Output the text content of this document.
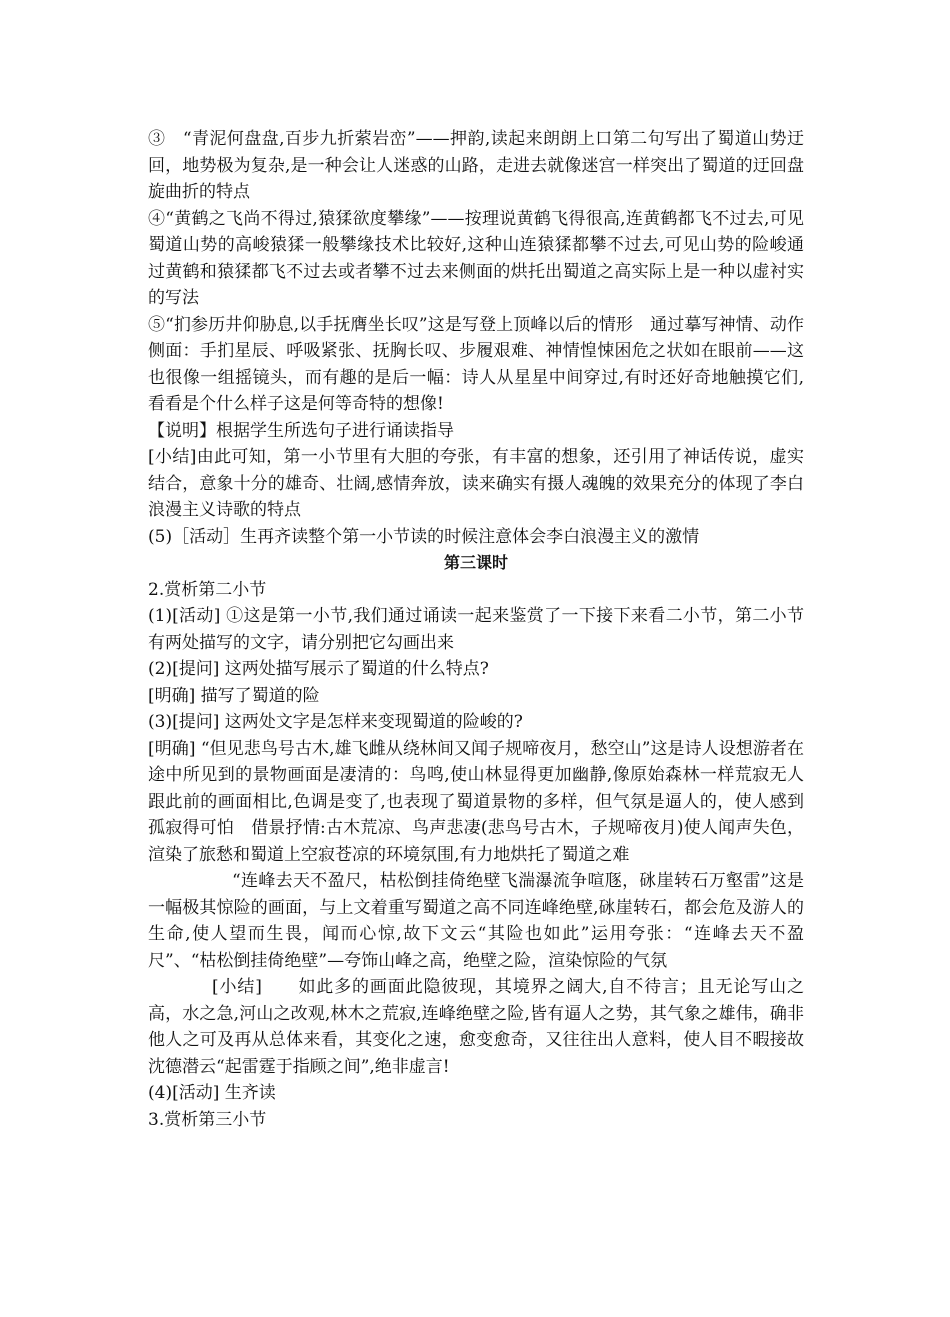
③　“青泥何盘盘,百步九折萦岩峦”——押韵,读起来朗朗上口第二句写出了蜀道山势迂回，地势极为复杂,是一种会让人迷惑的山路，走进去就像迷宫一样突出了蜀道的迂回盘旋曲折的特点

④“黄鹤之飞尚不得过,猿猱欲度攀缘”——按理说黄鹤飞得很高,连黄鹤都飞不过去,可见蜀道山势的高峻猿猱一般攀缘技术比较好,这种山连猿猱都攀不过去,可见山势的险峻通过黄鹤和猿猱都飞不过去或者攀不过去来侧面的烘托出蜀道之高实际上是一种以虚衬实的写法

⑤“扪参历井仰胁息,以手抚膺坐长叹”这是写登上顶峰以后的情形　通过摹写神情、动作侧面：手扪星辰、呼吸紧张、抚胸长叹、步履艰难、神情惶悚困危之状如在眼前——这也很像一组摇镜头，而有趣的是后一幅：诗人从星星中间穿过,有时还好奇地触摸它们,看看是个什么样子这是何等奇特的想像!

【说明】根据学生所选句子进行诵读指导

[小结]由此可知，第一小节里有大胆的夸张，有丰富的想象，还引用了神话传说，虚实结合，意象十分的雄奇、壮阔,感情奔放，读来确实有摄人魂魄的效果充分的体现了李白浪漫主义诗歌的特点

(5)［活动］生再齐读整个第一小节读的时候注意体会李白浪漫主义的激情

第三课时

2.赏析第二小节

(1)[活动] ①这是第一小节,我们通过诵读一起来鉴赏了一下接下来看二小节，第二小节有两处描写的文字，请分别把它勾画出来

(2)[提问] 这两处描写展示了蜀道的什么特点?

[明确] 描写了蜀道的险

(3)[提问] 这两处文字是怎样来变现蜀道的险峻的?

[明确] “但见悲鸟号古木,雄飞雌从绕林间又闻子规啼夜月，愁空山”这是诗人设想游者在途中所见到的景物画面是凄清的：鸟鸣,使山林显得更加幽静,像原始森林一样荒寂无人跟此前的画面相比,色调是变了,也表现了蜀道景物的多样，但气氛是逼人的，使人感到孤寂得可怕　借景抒情:古木荒凉、鸟声悲凄(悲鸟号古木，子规啼夜月)使人闻声失色，渲染了旅愁和蜀道上空寂苍凉的环境氛围,有力地烘托了蜀道之难

“连峰去天不盈尺，枯松倒挂倚绝壁飞湍瀑流争喧豗，砯崖转石万壑雷”这是一幅极其惊险的画面，与上文着重写蜀道之高不同连峰绝壁,砯崖转石，都会危及游人的生命,使人望而生畏，闻而心惊,故下文云“其险也如此”运用夸张：“连峰去天不盈尺”、“枯松倒挂倚绝壁”—夸饰山峰之高，绝壁之险，渲染惊险的气氛

[小结]　　如此多的画面此隐彼现，其境界之阔大,自不待言；且无论写山之高，水之急,河山之改观,林木之荒寂,连峰绝壁之险,皆有逼人之势，其气象之雄伟，确非他人之可及再从总体来看，其变化之速，愈变愈奇，又往往出人意料，使人目不暇接故沈德潜云“起雷霆于指顾之间”,绝非虚言!

(4)[活动] 生齐读

3.赏析第三小节
